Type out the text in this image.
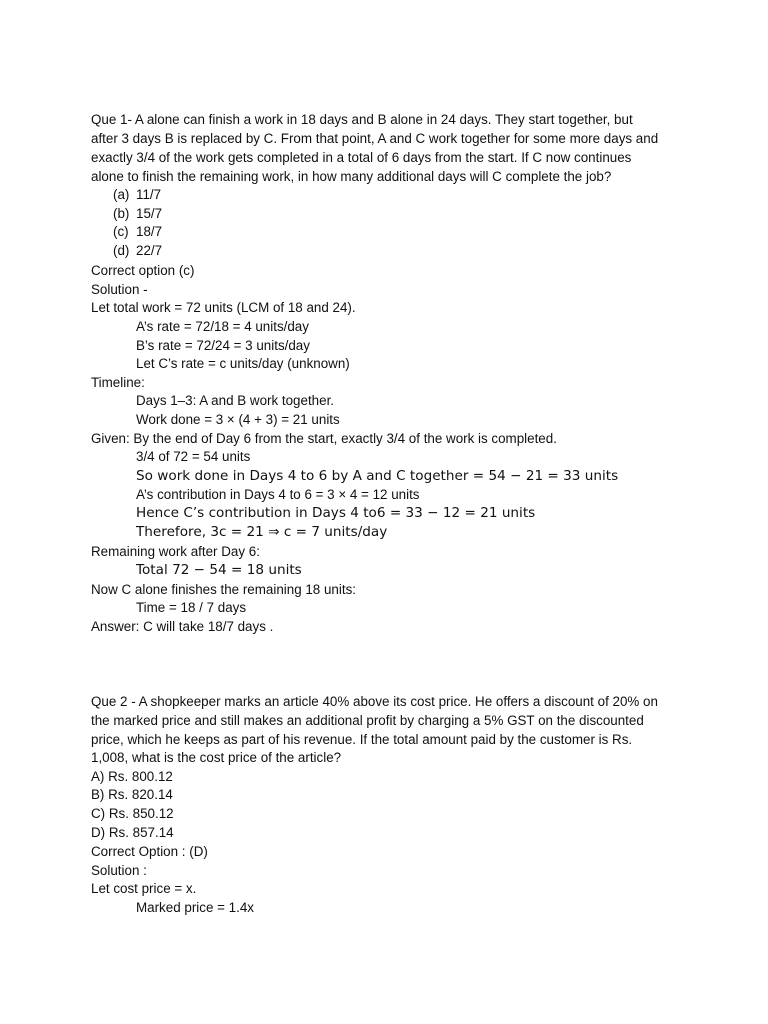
Que 1- A alone can finish a work in 18 days and B alone in 24 days. They start together, but
after 3 days B is replaced by C. From that point, A and C work together for some more days and
exactly 3/4 of the work gets completed in a total of 6 days from the start. If C now continues
alone to finish the remaining work, in how many additional days will C complete the job?
(a) 11/7
(b) 15/7
(c) 18/7
(d) 22/7
Correct option (c)
Solution -
Let total work = 72 units (LCM of 18 and 24).
A’s rate = 72/18 = 4 units/day
B’s rate = 72/24 = 3 units/day
Let C’s rate = c units/day (unknown)
Timeline:
Days 1–3: A and B work together.
Work done = 3 × (4 + 3) = 21 units
Given: By the end of Day 6 from the start, exactly 3/4 of the work is completed.
3/4 of 72 = 54 units
So work done in Days 4 to 6 by A and C together = 54 − 21 = 33 units
A’s contribution in Days 4 to 6 = 3 × 4 = 12 units
Hence C’s contribution in Days 4 to6 = 33 − 12 = 21 units
Therefore, 3c = 21 ⇒ c = 7 units/day
Remaining work after Day 6:
Total 72 − 54 = 18 units
Now C alone finishes the remaining 18 units:
Time = 18 / 7 days
Answer: C will take 18/7 days .
Que 2 - A shopkeeper marks an article 40% above its cost price. He offers a discount of 20% on
the marked price and still makes an additional profit by charging a 5% GST on the discounted
price, which he keeps as part of his revenue. If the total amount paid by the customer is Rs.
1,008, what is the cost price of the article?
A) Rs. 800.12
B) Rs. 820.14
C) Rs. 850.12
D) Rs. 857.14
Correct Option : (D)
Solution :
Let cost price = x.
Marked price = 1.4x
